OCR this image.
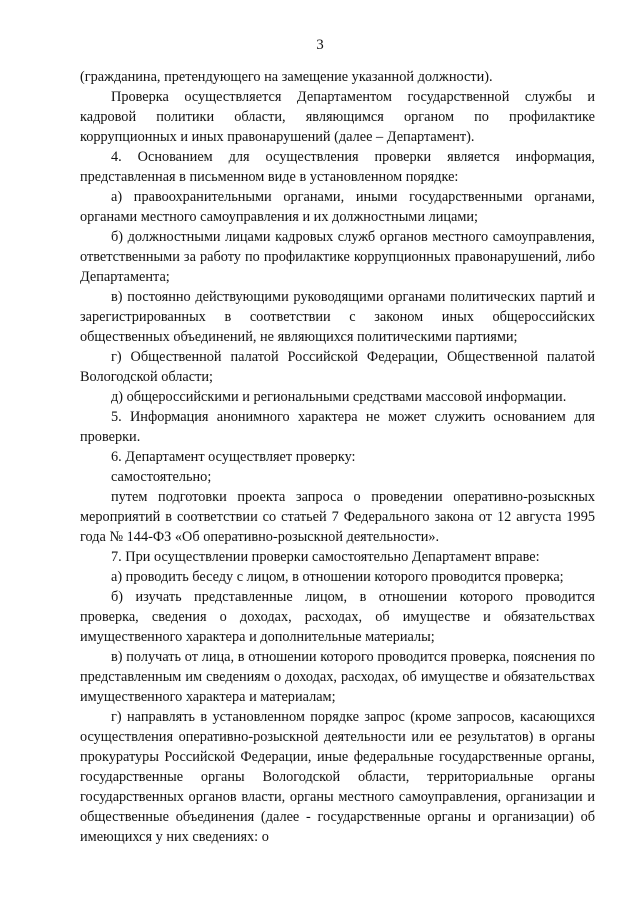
3

(гражданина, претендующего на замещение указанной должности).

Проверка осуществляется Департаментом государственной службы и кадровой политики области, являющимся органом по профилактике коррупционных и иных правонарушений (далее – Департамент).

4. Основанием для осуществления проверки является информация, представленная в письменном виде в установленном порядке:

а) правоохранительными органами, иными государственными органами, органами местного самоуправления и их должностными лицами;

б) должностными лицами кадровых служб органов местного самоуправления, ответственными за работу по профилактике коррупционных правонарушений, либо Департамента;

в) постоянно действующими руководящими органами политических партий и зарегистрированных в соответствии с законом иных общероссийских общественных объединений, не являющихся политическими партиями;

г) Общественной палатой Российской Федерации, Общественной палатой Вологодской области;

д) общероссийскими и региональными средствами массовой информации.

5. Информация анонимного характера не может служить основанием для проверки.

6. Департамент осуществляет проверку:

самостоятельно;

путем подготовки проекта запроса о проведении оперативно-розыскных мероприятий в соответствии со статьей 7 Федерального закона от 12 августа 1995 года № 144-ФЗ «Об оперативно-розыскной деятельности».

7. При осуществлении проверки самостоятельно Департамент вправе:

а) проводить беседу с лицом, в отношении которого проводится проверка;

б) изучать представленные лицом, в отношении которого проводится проверка, сведения о доходах, расходах, об имуществе и обязательствах имущественного характера и дополнительные материалы;

в) получать от лица, в отношении которого проводится проверка, пояснения по представленным им сведениям о доходах, расходах, об имуществе и обязательствах имущественного характера и материалам;

г) направлять в установленном порядке запрос (кроме запросов, касающихся осуществления оперативно-розыскной деятельности или ее результатов) в органы прокуратуры Российской Федерации, иные федеральные государственные органы, государственные органы Вологодской области, территориальные органы государственных органов власти, органы местного самоуправления, организации и общественные объединения (далее - государственные органы и организации) об имеющихся у них сведениях: о
